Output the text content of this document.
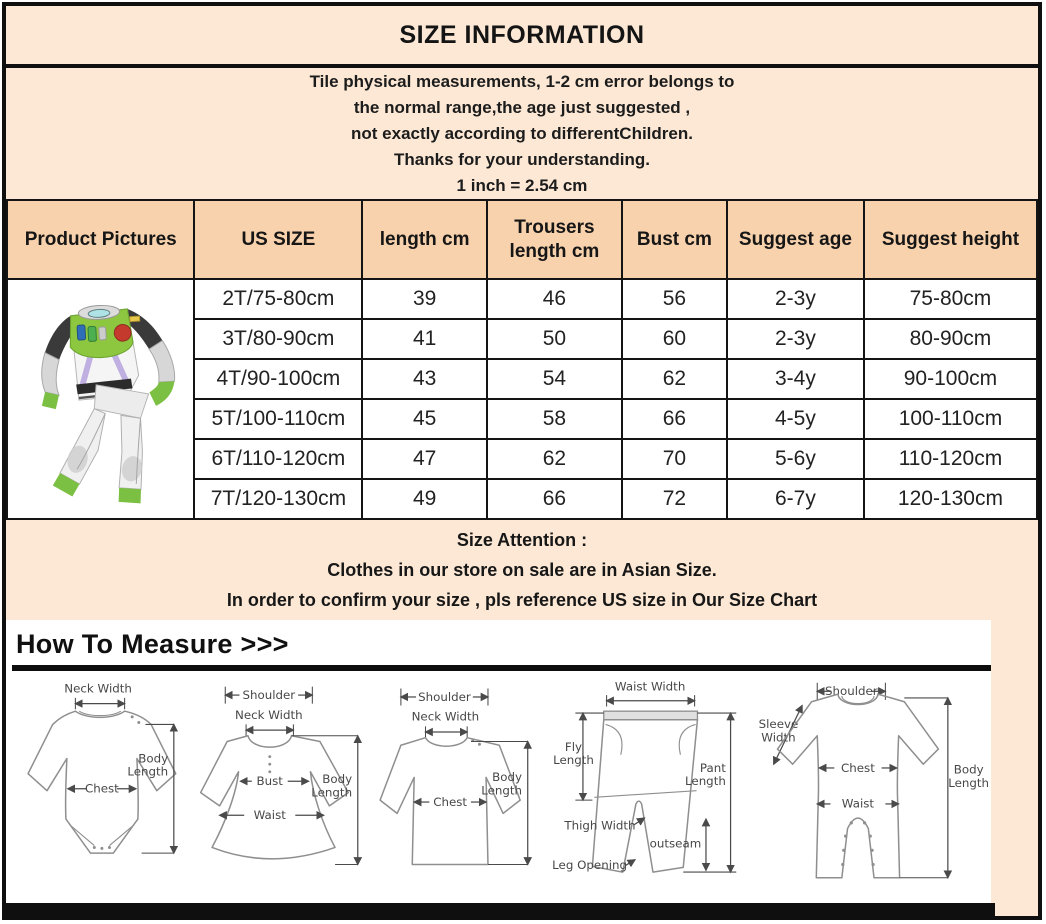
SIZE INFORMATION
Tile physical measurements, 1-2 cm error belongs to
the normal range,the age just suggested ,
not exactly according to differentChildren.
Thanks for your understanding.
1 inch = 2.54 cm
Product Pictures	US SIZE	length cm	Trousers length cm	Bust cm	Suggest age	Suggest height
	2T/75-80cm	39	46	56	2-3y	75-80cm
	3T/80-90cm	41	50	60	2-3y	80-90cm
	4T/90-100cm	43	54	62	3-4y	90-100cm
	5T/100-110cm	45	58	66	4-5y	100-110cm
	6T/110-120cm	47	62	70	5-6y	110-120cm
	7T/120-130cm	49	66	72	6-7y	120-130cm
Size Attention :
Clothes in our store on sale are in Asian Size.
In order to confirm your size , pls reference US size in Our Size Chart
How To Measure >>>
Neck Width
Chest
Body
Length
Shoulder
Neck Width
Bust
Waist
Body
Length
Shoulder
Neck Width
Chest
Body
Length
Waist Width
Fly
Length
Pant
Length
Thigh Width
outseam
Leg Opening
Shoulder
Sleeve
Width
Chest
Waist
Body
Length
